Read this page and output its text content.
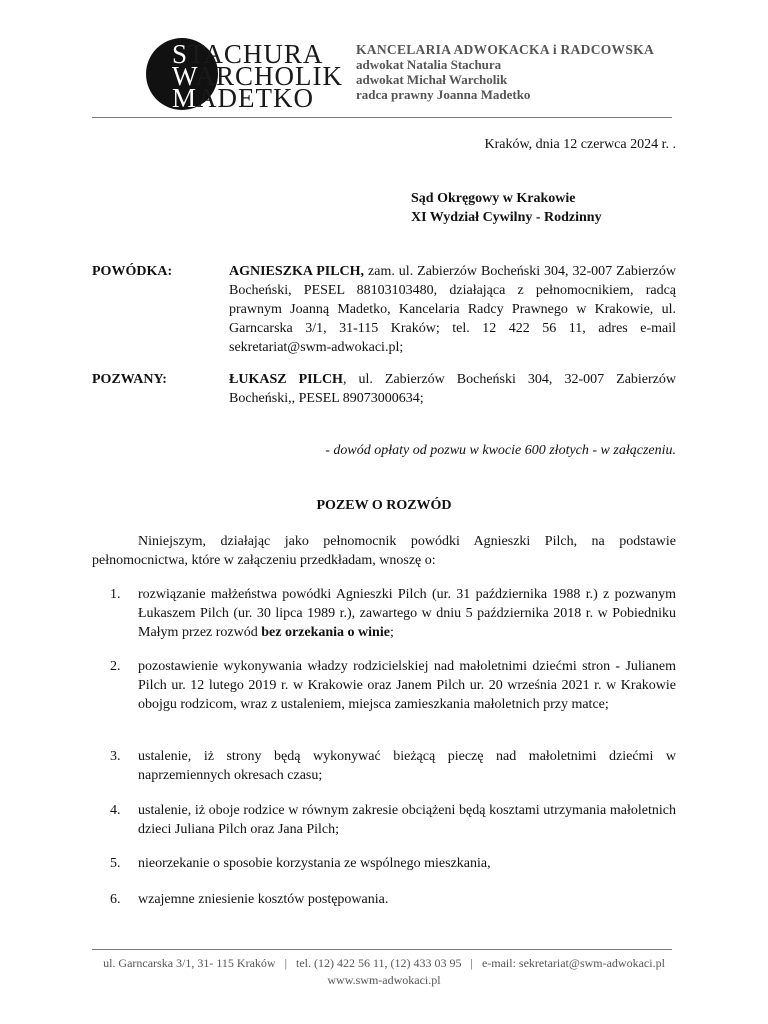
STACHURA
WARCHOLIK
MADETKO
KANCELARIA ADWOKACKA i RADCOWSKA
adwokat Natalia Stachura
adwokat Michał Warcholik
radca prawny Joanna Madetko
Kraków, dnia 12 czerwca 2024 r. .
Sąd Okręgowy w Krakowie
XI Wydział Cywilny - Rodzinny
POWÓDKA:	AGNIESZKA PILCH, zam. ul. Zabierzów Bocheński 304, 32-007 Zabierzów Bocheński, PESEL 88103103480, działająca z pełnomocnikiem, radcą prawnym Joanną Madetko, Kancelaria Radcy Prawnego w Krakowie, ul. Garncarska 3/1, 31-115 Kraków; tel. 12 422 56 11, adres e-mail sekretariat@swm-adwokaci.pl;
POZWANY:	ŁUKASZ PILCH, ul. Zabierzów Bocheński 304, 32-007 Zabierzów Bocheński,, PESEL 89073000634;
- dowód opłaty od pozwu w kwocie 600 złotych - w załączeniu.
POZEW O ROZWÓD
Niniejszym, działając jako pełnomocnik powódki Agnieszki Pilch, na podstawie pełnomocnictwa, które w załączeniu przedkładam, wnoszę o:
1. rozwiązanie małżeństwa powódki Agnieszki Pilch (ur. 31 października 1988 r.) z pozwanym Łukaszem Pilch (ur. 30 lipca 1989 r.), zawartego w dniu 5 października 2018 r. w Pobiedniku Małym przez rozwód bez orzekania o winie;
2. pozostawienie wykonywania władzy rodzicielskiej nad małoletnimi dziećmi stron - Julianem Pilch ur. 12 lutego 2019 r. w Krakowie oraz Janem Pilch ur. 20 września 2021 r. w Krakowie obojgu rodzicom, wraz z ustaleniem, miejsca zamieszkania małoletnich przy matce;
3. ustalenie, iż strony będą wykonywać bieżącą pieczę nad małoletnimi dziećmi w naprzemiennych okresach czasu;
4. ustalenie, iż oboje rodzice w równym zakresie obciążeni będą kosztami utrzymania małoletnich dzieci Juliana Pilch oraz Jana Pilch;
5. nieorzekanie o sposobie korzystania ze wspólnego mieszkania,
6. wzajemne zniesienie kosztów postępowania.
ul. Garncarska 3/1, 31- 115 Kraków | tel. (12) 422 56 11, (12) 433 03 95 | e-mail: sekretariat@swm-adwokaci.pl
www.swm-adwokaci.pl
